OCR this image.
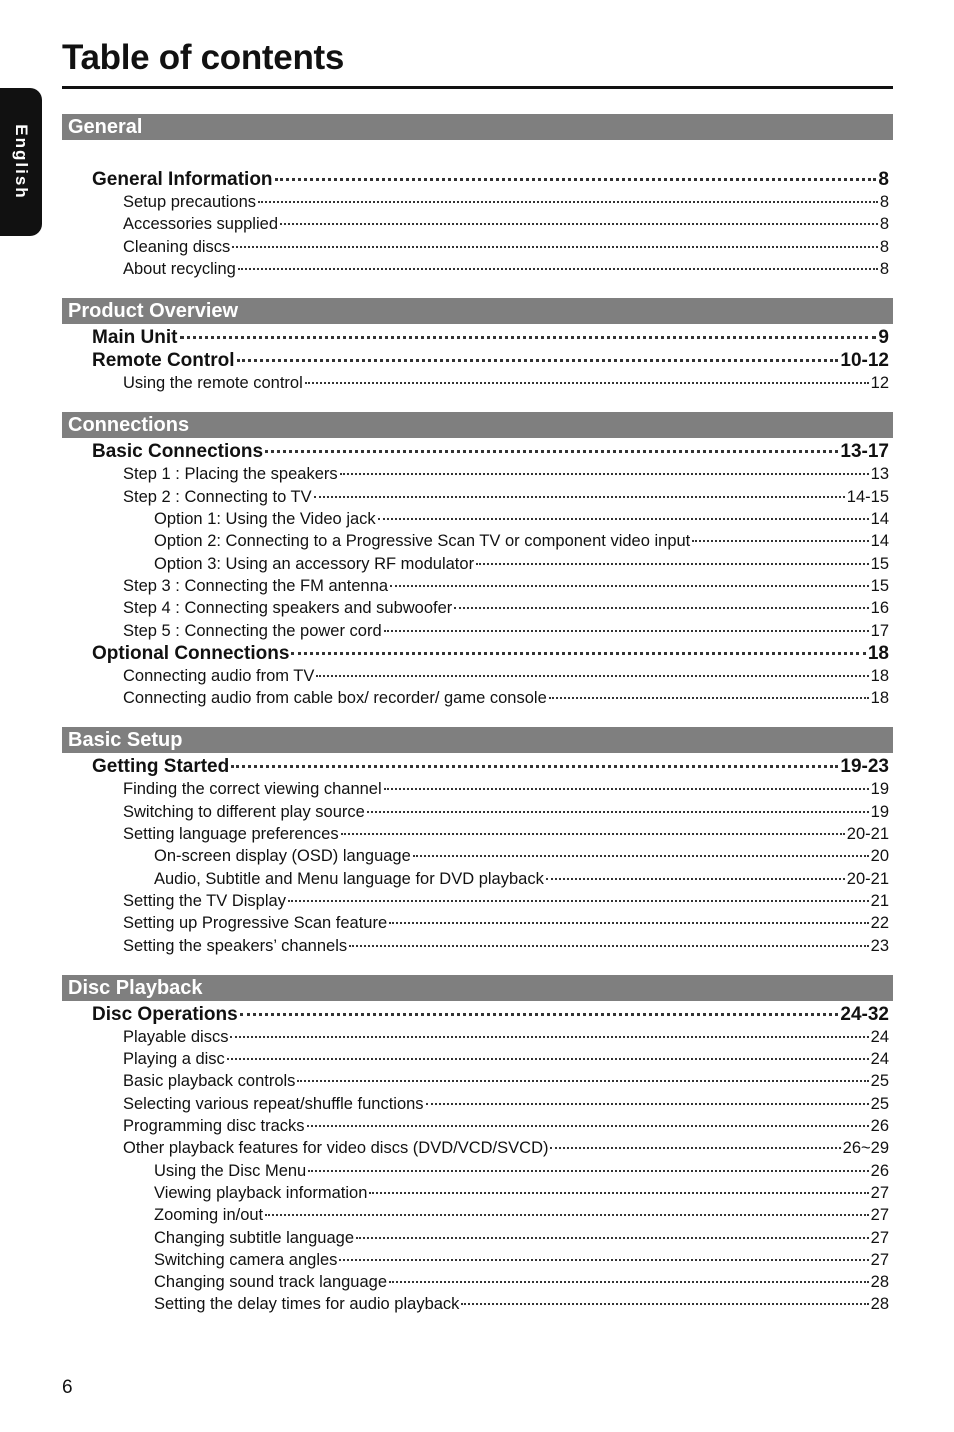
Table of contents
English	General
General Information	8
Setup precautions	8
Accessories supplied	8
Cleaning discs	8
About recycling	8
Product Overview
Main Unit	9
Remote Control	10-12
Using the remote control	12
Connections
Basic Connections	13-17
Step 1 : Placing the speakers	13
Step 2 : Connecting to TV	14-15
Option 1: Using the Video jack	14
Option 2: Connecting to a Progressive Scan TV or component video input	14
Option 3: Using an accessory RF modulator	15
Step 3 : Connecting the FM antenna	15
Step 4 : Connecting speakers and subwoofer	16
Step 5 : Connecting the power cord	17
Optional Connections	18
Connecting audio from TV	18
Connecting audio from cable box/ recorder/ game console	18
Basic Setup
Getting Started	19-23
Finding the correct viewing channel	19
Switching to different play source	19
Setting language preferences	20-21
On-screen display (OSD) language	20
Audio, Subtitle and Menu language for DVD playback	20-21
Setting the TV Display	21
Setting up Progressive Scan feature	22
Setting the speakers’ channels	23
Disc Playback
Disc Operations	24-32
Playable discs	24
Playing a disc	24
Basic playback controls	25
Selecting various repeat/shuffle functions	25
Programming disc tracks	26
Other playback features for video discs (DVD/VCD/SVCD)	26~29
Using the Disc Menu	26
Viewing playback information	27
Zooming in/out	27
Changing subtitle language	27
Switching camera angles	27
Changing sound track language	28
Setting the delay times for audio playback	28
6
